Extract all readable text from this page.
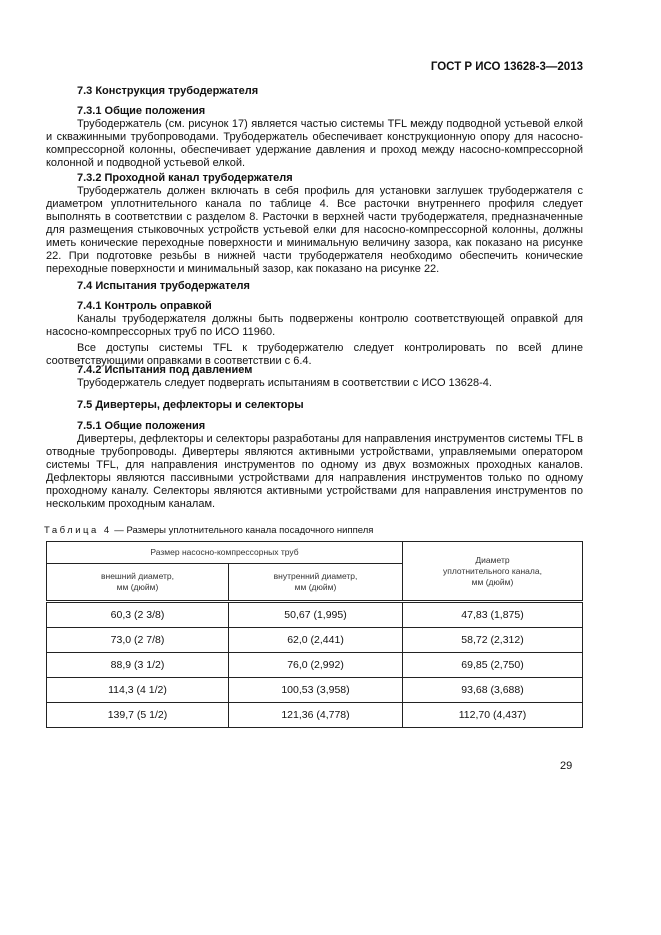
ГОСТ Р ИСО 13628-3—2013
7.3 Конструкция трубодержателя
7.3.1 Общие положения

Трубодержатель (см. рисунок 17) является частью системы TFL между подводной устьевой елкой и скважинными трубопроводами. Трубодержатель обеспечивает конструкционную опору для насосно-компрессорной колонны, обеспечивает удержание давления и проход между насосно-компрессорной колонной и подводной устьевой елкой.

7.3.2 Проходной канал трубодержателя

Трубодержатель должен включать в себя профиль для установки заглушек трубодержателя с диаметром уплотнительного канала по таблице 4. Все расточки внутреннего профиля следует выполнять в соответствии с разделом 8. Расточки в верхней части трубодержателя, предназначенные для размещения стыковочных устройств устьевой елки для насосно-компрессорной колонны, должны иметь конические переходные поверхности и минимальную величину зазора, как показано на рисунке 22. При подготовке резьбы в нижней части трубодержателя необходимо обеспечить конические переходные поверхности и минимальный зазор, как показано на рисунке 22.

7.4 Испытания трубодержателя
7.4.1 Контроль оправкой

Каналы трубодержателя должны быть подвержены контролю соответствующей оправкой для насосно-компрессорных труб по ИСО 11960.

Все доступы системы TFL к трубодержателю следует контролировать по всей длине соответствующими оправками в соответствии с 6.4.

7.4.2 Испытания под давлением

Трубодержатель следует подвергать испытаниям в соответствии с ИСО 13628-4.

7.5 Дивертеры, дефлекторы и селекторы
7.5.1 Общие положения

Дивертеры, дефлекторы и селекторы разработаны для направления инструментов системы TFL в отводные трубопроводы. Дивертеры являются активными устройствами, управляемыми оператором системы TFL, для направления инструментов по одному из двух возможных проходных каналов. Дефлекторы являются пассивными устройствами для направления инструментов только по одному проходному каналу. Селекторы являются активными устройствами для направления инструментов по нескольким проходным каналам.

Таблица 4 — Размеры уплотнительного канала посадочного ниппеля
Размер насосно-компрессорных труб		Диаметр
уплотнительного канала,
мм (дюйм)
внешний диаметр,
мм (дюйм)	внутренний диаметр,
мм (дюйм)	
60,3 (2 3/8)	50,67 (1,995)	47,83 (1,875)
73,0 (2 7/8)	62,0 (2,441)	58,72 (2,312)
88,9 (3 1/2)	76,0 (2,992)	69,85 (2,750)
114,3 (4 1/2)	100,53 (3,958)	93,68 (3,688)
139,7 (5 1/2)	121,36 (4,778)	112,70 (4,437)
29
